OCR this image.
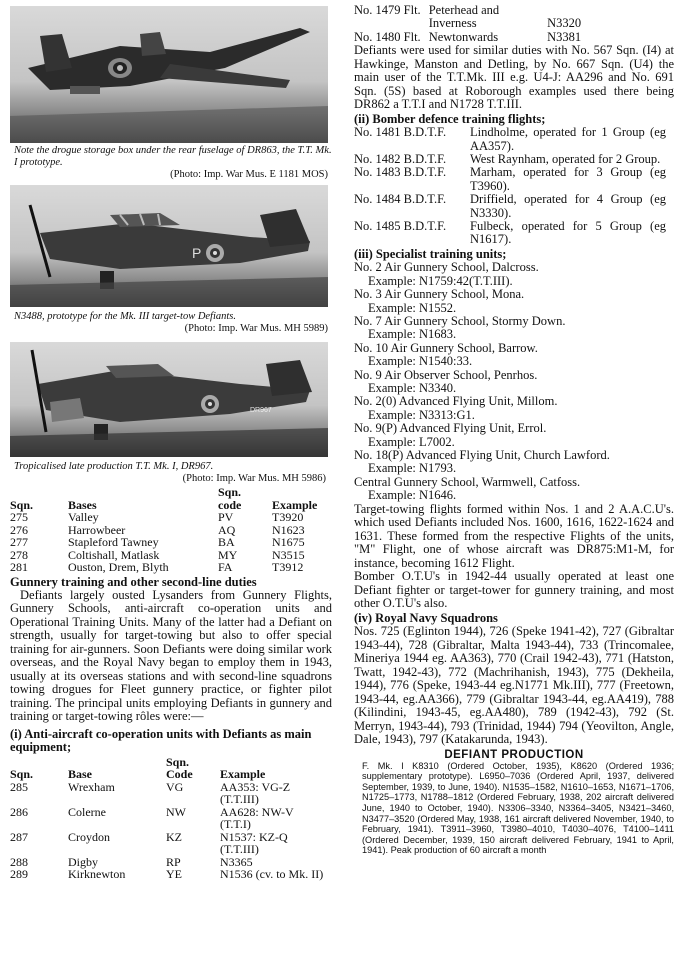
Note the drogue storage box under the rear fuselage of DR863, the T.T. Mk. I prototype.
(Photo: Imp. War Mus. E 1181 MOS)
P
N3488, prototype for the Mk. III target-tow Defiants.
(Photo: Imp. War Mus. MH 5989)
DR967
Tropicalised late production T.T. Mk. I, DR967.
(Photo: Imp. War Mus. MH 5986)
Sqn.	Bases	Sqn.
code	Example
275	Valley	PV	T3920
276	Harrowbeer	AQ	N1623
277	Stapleford Tawney	BA	N1675
278	Coltishall, Matlask	MY	N3515
281	Ouston, Drem, Blyth	FA	T3912
Gunnery training and other second-line duties

Defiants largely ousted Lysanders from Gunnery Flights, Gunnery Schools, anti-aircraft co-operation units and Operational Training Units. Many of the latter had a Defiant on strength, usually for target-towing but also to offer special training for air-gunners. Soon Defiants were doing similar work overseas, and the Royal Navy began to employ them in 1943, usually at its overseas stations and with second-line squadrons towing drogues for Fleet gunnery practice, or fighter pilot training. The principal units employing Defiants in gunnery and training or target-towing rôles were:—

(i) Anti-aircraft co-operation units with Defiants as main equipment;
Sqn.	Base	Sqn.
Code	Example
285	Wrexham	VG	AA353: VG-Z (T.T.III)
286	Colerne	NW	AA628: NW-V (T.T.I)
287	Croydon	KZ	N1537: KZ-Q (T.T.III)
288	Digby	RP	N3365
289	Kirknewton	YE	N1536 (cv. to Mk. II)
No. 1479 Flt.	Peterhead and	
	Inverness	N3320
No. 1480 Flt.	Newtonwards	N3381

Defiants were used for similar duties with No. 567 Sqn. (I4) at Hawkinge, Manston and Detling, by No. 667 Sqn. (U4) the main user of the T.T.Mk. III e.g. U4-J: AA296 and No. 691 Sqn. (5S) based at Roborough examples used there being DR862 a T.T.I and N1728 T.T.III.

(ii) Bomber defence training flights;
No. 1481 B.D.T.F.	Lindholme, operated for 1 Group (eg AA357).
No. 1482 B.D.T.F.	West Raynham, operated for 2 Group.
No. 1483 B.D.T.F.	Marham, operated for 3 Group (eg T3960).
No. 1484 B.D.T.F.	Driffield, operated for 4 Group (eg N3330).
No. 1485 B.D.T.F.	Fulbeck, operated for 5 Group (eg N1617).
(iii) Specialist training units;
No. 2 Air Gunnery School, Dalcross.
Example: N1759:42(T.T.III).
No. 3 Air Gunnery School, Mona.
Example: N1552.
No. 7 Air Gunnery School, Stormy Down.
Example: N1683.
No. 10 Air Gunnery School, Barrow.
Example: N1540:33.
No. 9 Air Observer School, Penrhos.
Example: N3340.
No. 2(0) Advanced Flying Unit, Millom.
Example: N3313:G1.
No. 9(P) Advanced Flying Unit, Errol.
Example: L7002.
No. 18(P) Advanced Flying Unit, Church Lawford.
Example: N1793.
Central Gunnery School, Warmwell, Catfoss.
Example: N1646.

Target-towing flights formed within Nos. 1 and 2 A.A.C.U's. which used Defiants included Nos. 1600, 1616, 1622-1624 and 1631. These formed from the respective Flights of the units, "M" Flight, one of whose aircraft was DR875:M1-M, for instance, becoming 1612 Flight.

Bomber O.T.U's in 1942-44 usually operated at least one Defiant fighter or target-tower for gunnery training, and most other O.T.U's also.

(iv) Royal Navy Squadrons

Nos. 725 (Eglinton 1944), 726 (Speke 1941-42), 727 (Gibraltar 1943-44), 728 (Gibraltar, Malta 1943-44), 733 (Trincomalee, Mineriya 1944 eg. AA363), 770 (Crail 1942-43), 771 (Hatston, Twatt, 1942-43), 772 (Machrihanish, 1943), 775 (Dekheila, 1944), 776 (Speke, 1943-44 eg.N1771 Mk.III), 777 (Freetown, 1943-44, eg.AA366), 779 (Gibraltar 1943-44, eg.AA419), 788 (Kilindini, 1943-45, eg.AA480), 789 (1942-43), 792 (St. Merryn, 1943-44), 793 (Trinidad, 1944) 794 (Yeovilton, Angle, Dale, 1943), 797 (Katakarunda, 1943).

DEFIANT PRODUCTION
F. Mk. I K8310 (Ordered October, 1935), K8620 (Ordered 1936; supplementary prototype). L6950–7036 (Ordered April, 1937, delivered September, 1939, to June, 1940). N1535–1582, N1610–1653, N1671–1706, N1725–1773, N1788–1812 (Ordered February, 1938, 202 aircraft delivered June, 1940 to October, 1940). N3306–3340, N3364–3405, N3421–3460, N3477–3520 (Ordered May, 1938, 161 aircraft delivered November, 1940, to February, 1941). T3911–3960, T3980–4010, T4030–4076, T4100–1411 (Ordered December, 1939, 150 aircraft delivered February, 1941 to April, 1941). Peak production of 60 aircraft a month
